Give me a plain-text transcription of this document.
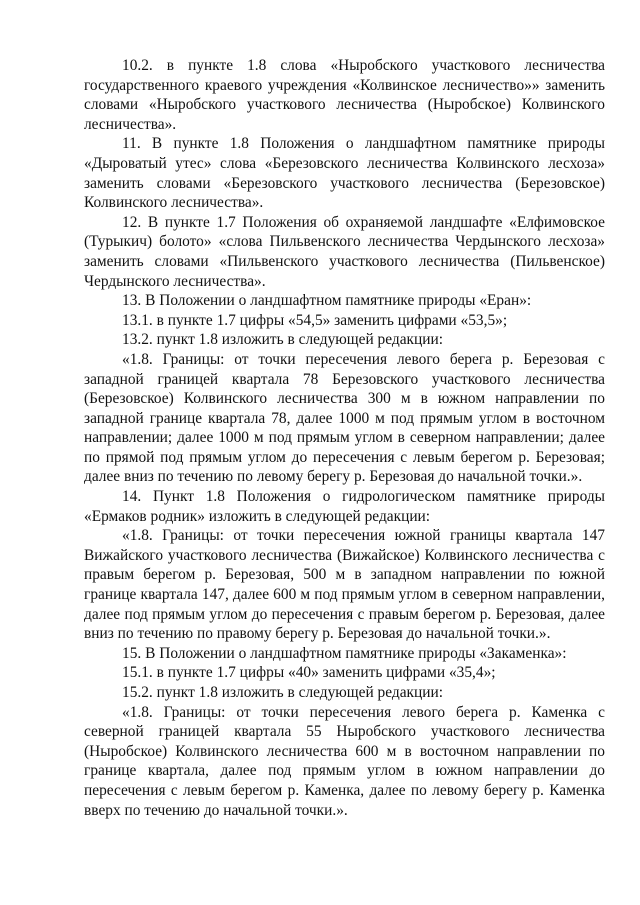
10.2. в пункте 1.8 слова «Ныробского участкового лесничества государственного краевого учреждения «Колвинское лесничество»» заменить словами «Ныробского участкового лесничества (Ныробское) Колвинского лесничества».

11. В пункте 1.8 Положения о ландшафтном памятнике природы «Дыроватый утес» слова «Березовского лесничества Колвинского лесхоза» заменить словами «Березовского участкового лесничества (Березовское) Колвинского лесничества».

12. В пункте 1.7 Положения об охраняемой ландшафте «Елфимовское (Турыкич) болото» «слова Пильвенского лесничества Чердынского лесхоза» заменить словами «Пильвенского участкового лесничества (Пильвенское) Чердынского лесничества».

13. В Положении о ландшафтном памятнике природы «Еран»:

13.1. в пункте 1.7 цифры «54,5» заменить цифрами «53,5»;

13.2. пункт 1.8 изложить в следующей редакции:

«1.8. Границы: от точки пересечения левого берега р. Березовая с западной границей квартала 78 Березовского участкового лесничества (Березовское) Колвинского лесничества 300 м в южном направлении по западной границе квартала 78, далее 1000 м под прямым углом в восточном направлении; далее 1000 м под прямым углом в северном направлении; далее по прямой под прямым углом до пересечения с левым берегом р. Березовая; далее вниз по течению по левому берегу р. Березовая до начальной точки.».

14. Пункт 1.8 Положения о гидрологическом памятнике природы «Ермаков родник» изложить в следующей редакции:

«1.8. Границы: от точки пересечения южной границы квартала 147 Вижайского участкового лесничества (Вижайское) Колвинского лесничества с правым берегом р. Березовая, 500 м в западном направлении по южной границе квартала 147, далее 600 м под прямым углом в северном направлении, далее под прямым углом до пересечения с правым берегом р. Березовая, далее вниз по течению по правому берегу р. Березовая до начальной точки.».

15. В Положении о ландшафтном памятнике природы «Закаменка»:

15.1. в пункте 1.7 цифры «40» заменить цифрами «35,4»;

15.2. пункт 1.8 изложить в следующей редакции:

«1.8. Границы: от точки пересечения левого берега р. Каменка с северной границей квартала 55 Ныробского участкового лесничества (Ныробское) Колвинского лесничества 600 м в восточном направлении по границе квартала, далее под прямым углом в южном направлении до пересечения с левым берегом р. Каменка, далее по левому берегу р. Каменка вверх по течению до начальной точки.».
